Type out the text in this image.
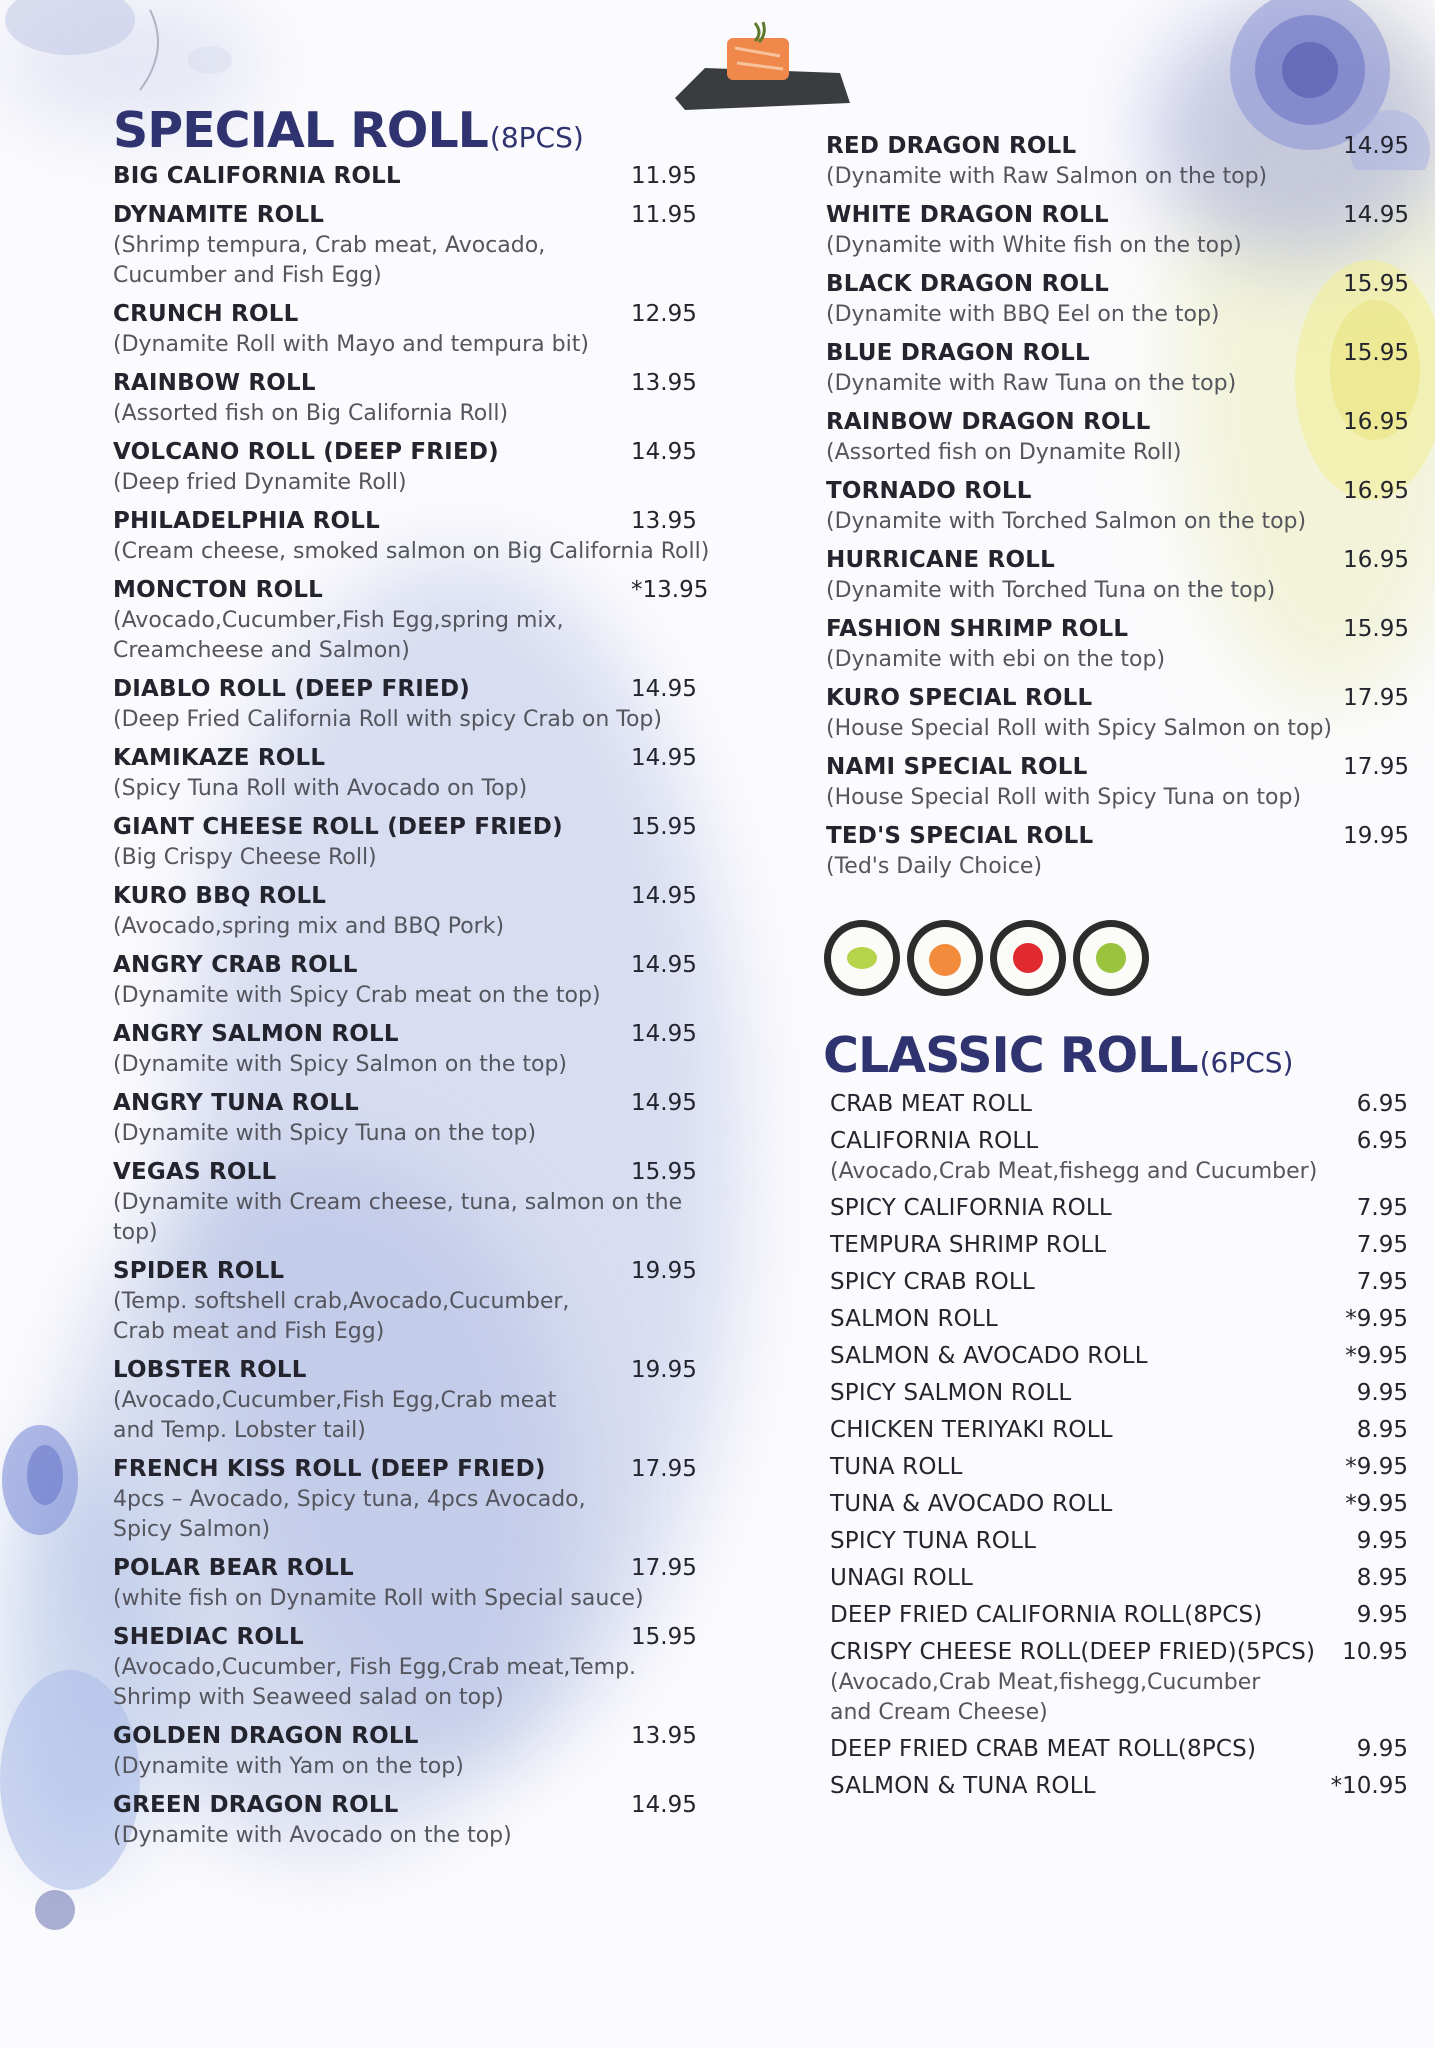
SPECIAL ROLL(8PCS)
BIG CALIFORNIA ROLL	11.95
DYNAMITE ROLL	11.95
(Shrimp tempura, Crab meat, Avocado,
Cucumber and Fish Egg)
CRUNCH ROLL	12.95
(Dynamite Roll with Mayo and tempura bit)
RAINBOW ROLL	13.95
(Assorted fish on Big California Roll)
VOLCANO ROLL (DEEP FRIED)	14.95
(Deep fried Dynamite Roll)
PHILADELPHIA ROLL	13.95
(Cream cheese, smoked salmon on Big California Roll)
MONCTON ROLL	*13.95
(Avocado,Cucumber,Fish Egg,spring mix,
Creamcheese and Salmon)
DIABLO ROLL (DEEP FRIED)	14.95
(Deep Fried California Roll with spicy Crab on Top)
KAMIKAZE ROLL	14.95
(Spicy Tuna Roll with Avocado on Top)
GIANT CHEESE ROLL (DEEP FRIED)	15.95
(Big Crispy Cheese Roll)
KURO BBQ ROLL	14.95
(Avocado,spring mix and BBQ Pork)
ANGRY CRAB ROLL	14.95
(Dynamite with Spicy Crab meat on the top)
ANGRY SALMON ROLL	14.95
(Dynamite with Spicy Salmon on the top)
ANGRY TUNA ROLL	14.95
(Dynamite with Spicy Tuna on the top)
VEGAS ROLL	15.95
(Dynamite with Cream cheese, tuna, salmon on the top)
SPIDER ROLL	19.95
(Temp. softshell crab,Avocado,Cucumber,
Crab meat and Fish Egg)
LOBSTER ROLL	19.95
(Avocado,Cucumber,Fish Egg,Crab meat
and Temp. Lobster tail)
FRENCH KISS ROLL (DEEP FRIED)	17.95
4pcs – Avocado, Spicy tuna, 4pcs Avocado,
Spicy Salmon)
POLAR BEAR ROLL	17.95
(white fish on Dynamite Roll with Special sauce)
SHEDIAC ROLL	15.95
(Avocado,Cucumber, Fish Egg,Crab meat,Temp.
Shrimp with Seaweed salad on top)
GOLDEN DRAGON ROLL	13.95
(Dynamite with Yam on the top)
GREEN DRAGON ROLL	14.95
(Dynamite with Avocado on the top)
RED DRAGON ROLL	14.95
(Dynamite with Raw Salmon on the top)
WHITE DRAGON ROLL	14.95
(Dynamite with White fish on the top)
BLACK DRAGON ROLL	15.95
(Dynamite with BBQ Eel on the top)
BLUE DRAGON ROLL	15.95
(Dynamite with Raw Tuna on the top)
RAINBOW DRAGON ROLL	16.95
(Assorted fish on Dynamite Roll)
TORNADO ROLL	16.95
(Dynamite with Torched Salmon on the top)
HURRICANE ROLL	16.95
(Dynamite with Torched Tuna on the top)
FASHION SHRIMP ROLL	15.95
(Dynamite with ebi on the top)
KURO SPECIAL ROLL	17.95
(House Special Roll with Spicy Salmon on top)
NAMI SPECIAL ROLL	17.95
(House Special Roll with Spicy Tuna on top)
TED'S SPECIAL ROLL	19.95
(Ted's Daily Choice)
CLASSIC ROLL(6PCS)
CRAB MEAT ROLL	6.95
CALIFORNIA ROLL	6.95
(Avocado,Crab Meat,fishegg and Cucumber)
SPICY CALIFORNIA ROLL	7.95
TEMPURA SHRIMP ROLL	7.95
SPICY CRAB ROLL	7.95
SALMON ROLL	*9.95
SALMON & AVOCADO ROLL	*9.95
SPICY SALMON ROLL	9.95
CHICKEN TERIYAKI ROLL	8.95
TUNA ROLL	*9.95
TUNA & AVOCADO ROLL	*9.95
SPICY TUNA ROLL	9.95
UNAGI ROLL	8.95
DEEP FRIED CALIFORNIA ROLL(8PCS)	9.95
CRISPY CHEESE ROLL(DEEP FRIED)(5PCS)	10.95
(Avocado,Crab Meat,fishegg,Cucumber
and Cream Cheese)
DEEP FRIED CRAB MEAT ROLL(8PCS)	9.95
SALMON & TUNA ROLL	*10.95
